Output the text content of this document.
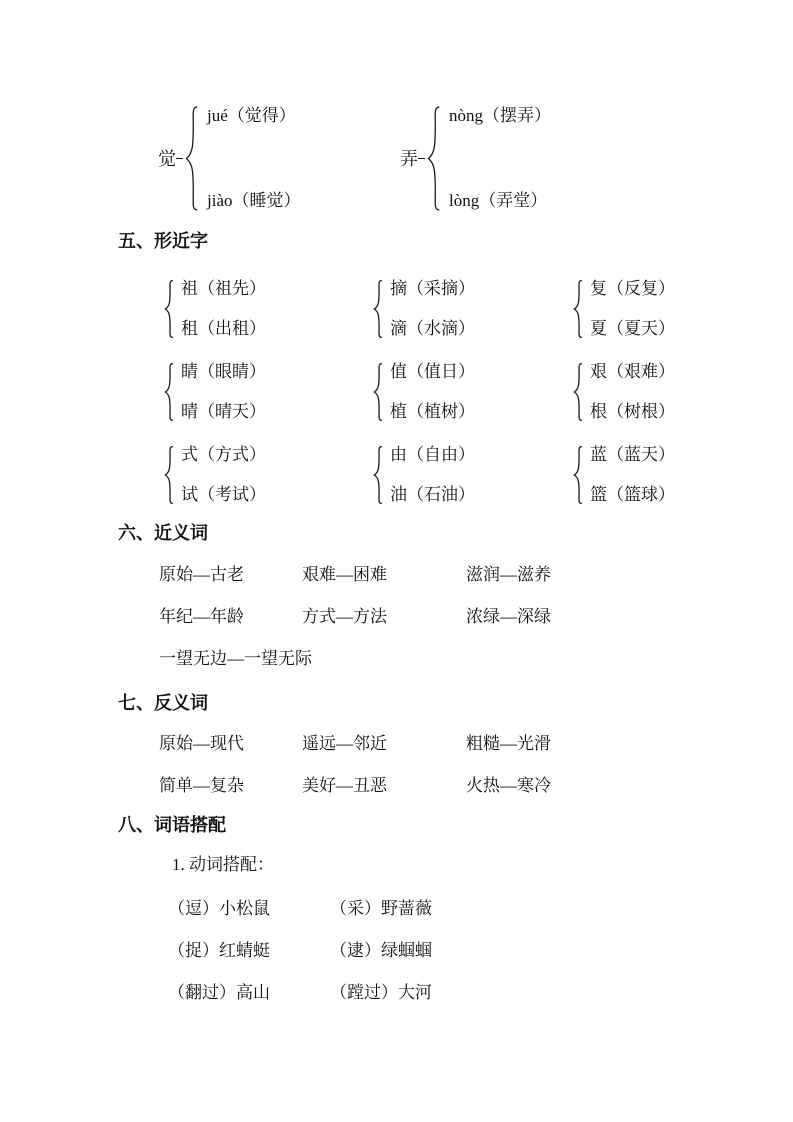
觉
jué（觉得）
jiào（睡觉）
弄
nòng（摆弄）
lòng（弄堂）
五、形近字
祖（祖先）
租（出租）
摘（采摘）
滴（水滴）
复（反复）
夏（夏天）
睛（眼睛）
晴（晴天）
值（值日）
植（植树）
艰（艰难）
根（树根）
式（方式）
试（考试）
由（自由）
油（石油）
蓝（蓝天）
篮（篮球）
六、近义词
原始—古老	艰难—困难	滋润—滋养
年纪—年龄	方式—方法	浓绿—深绿
一望无边—一望无际
七、反义词
原始—现代	遥远—邻近	粗糙—光滑
简单—复杂	美好—丑恶	火热—寒冷
八、词语搭配
1. 动词搭配：
（逗）小松鼠	（采）野蔷薇
（捉）红蜻蜓	（逮）绿蝈蝈
（翻过）高山	（蹚过）大河
